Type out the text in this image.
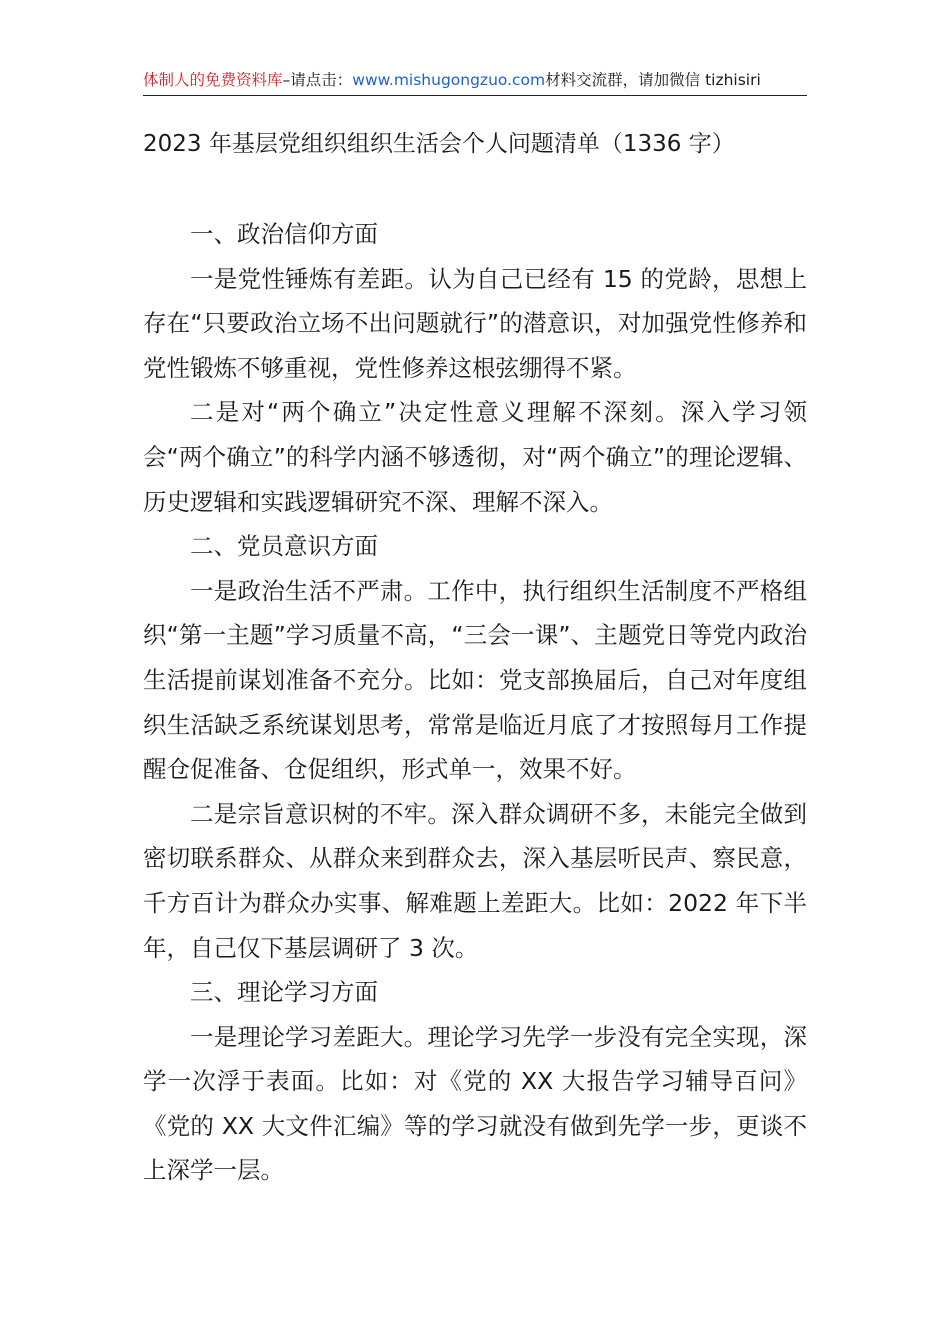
体制人的免费资料库–请点击：www.mishugongzuo.com材料交流群，请加微信 tizhisiri
2023 年基层党组织组织生活会个人问题清单（1336 字）

一、政治信仰方面

一是党性锤炼有差距。认为自己已经有 15 的党龄，思想上存在“只要政治立场不出问题就行”的潜意识，对加强党性修养和党性锻炼不够重视，党性修养这根弦绷得不紧。

二是对“两个确立”决定性意义理解不深刻。深入学习领会“两个确立”的科学内涵不够透彻，对“两个确立”的理论逻辑、历史逻辑和实践逻辑研究不深、理解不深入。

二、党员意识方面

一是政治生活不严肃。工作中，执行组织生活制度不严格组织“第一主题”学习质量不高，“三会一课”、主题党日等党内政治生活提前谋划准备不充分。比如：党支部换届后，自己对年度组织生活缺乏系统谋划思考，常常是临近月底了才按照每月工作提醒仓促准备、仓促组织，形式单一，效果不好。

二是宗旨意识树的不牢。深入群众调研不多，未能完全做到密切联系群众、从群众来到群众去，深入基层听民声、察民意，千方百计为群众办实事、解难题上差距大。比如：2022 年下半年，自己仅下基层调研了 3 次。

三、理论学习方面

一是理论学习差距大。理论学习先学一步没有完全实现，深学一次浮于表面。比如：对《党的 XX 大报告学习辅导百问》《党的 XX 大文件汇编》等的学习就没有做到先学一步，更谈不上深学一层。
